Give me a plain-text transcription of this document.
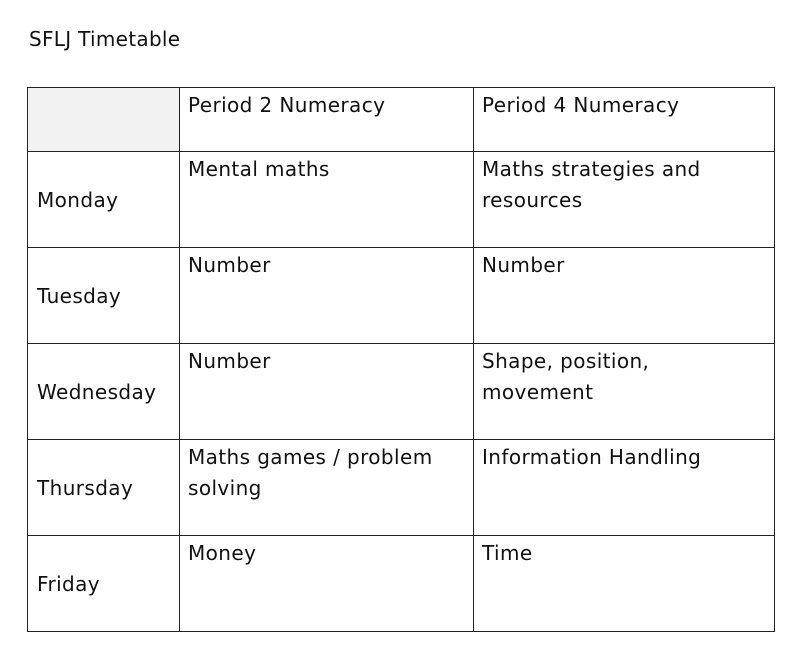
SFLJ Timetable

	Period 2 Numeracy	Period 4 Numeracy

Monday	Mental maths	Maths strategies and resources

Tuesday	Number	Number

Wednesday	Number	Shape, position, movement

Thursday	Maths games / problem solving	Information Handling

Friday	Money	Time
